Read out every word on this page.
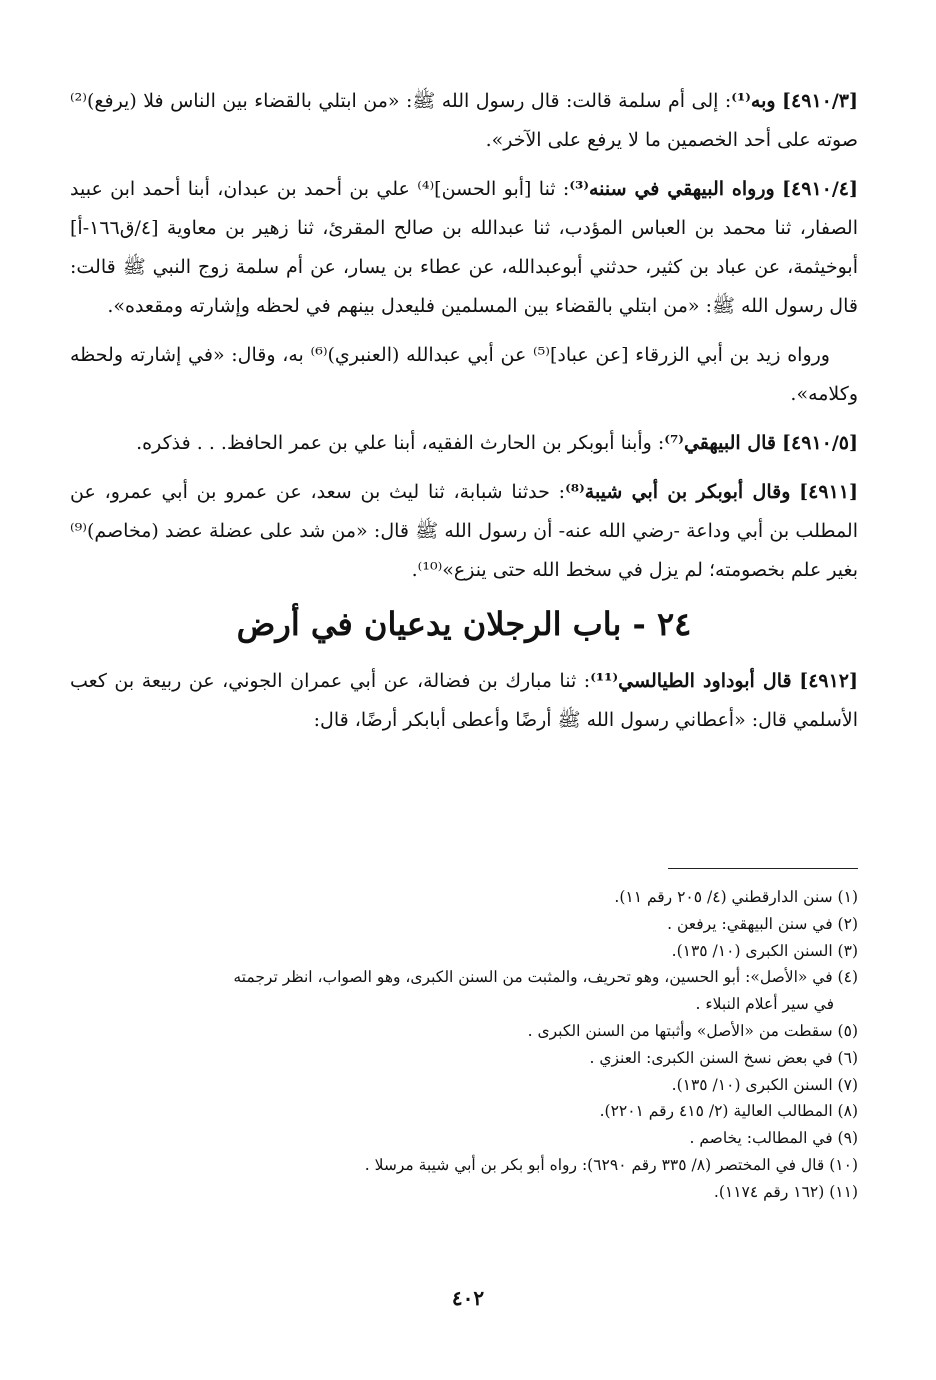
[٤٩١٠/٣] وبه⁽¹⁾: إلى أم سلمة قالت: قال رسول الله ﷺ: «من ابتلي بالقضاء بين الناس فلا (يرفع)⁽²⁾ صوته على أحد الخصمين ما لا يرفع على الآخر».

[٤٩١٠/٤] ورواه البيهقي في سننه⁽³⁾: ثنا [أبو الحسن]⁽⁴⁾ علي بن أحمد بن عبدان، أبنا أحمد ابن عبيد الصفار، ثنا محمد بن العباس المؤدب، ثنا عبدالله بن صالح المقرئ، ثنا زهير بن معاوية [٤/ق١٦٦-أ] أبوخيثمة، عن عباد بن كثير، حدثني أبوعبدالله، عن عطاء بن يسار، عن أم سلمة زوج النبي ﷺ قالت: قال رسول الله ﷺ: «من ابتلي بالقضاء بين المسلمين فليعدل بينهم في لحظه وإشارته ومقعده».

ورواه زيد بن أبي الزرقاء [عن عباد]⁽⁵⁾ عن أبي عبدالله (العنبري)⁽⁶⁾ به، وقال: «في إشارته ولحظه وكلامه».

[٤٩١٠/٥] قال البيهقي⁽⁷⁾: وأبنا أبوبكر بن الحارث الفقيه، أبنا علي بن عمر الحافظ. . . فذكره.

[٤٩١١] وقال أبوبكر بن أبي شيبة⁽⁸⁾: حدثنا شبابة، ثنا ليث بن سعد، عن عمرو بن أبي عمرو، عن المطلب بن أبي وداعة -رضي الله عنه- أن رسول الله ﷺ قال: «من شد على عضلة عضد (مخاصم)⁽⁹⁾ بغير علم بخصومته؛ لم يزل في سخط الله حتى ينزع»⁽¹⁰⁾.

٢٤ - باب الرجلان يدعيان في أرض

[٤٩١٢] قال أبوداود الطيالسي⁽¹¹⁾: ثنا مبارك بن فضالة، عن أبي عمران الجوني، عن ربيعة بن كعب الأسلمي قال: «أعطاني رسول الله ﷺ أرضًا وأعطى أبابكر أرضًا، قال:

(١) سنن الدارقطني (٤/ ٢٠٥ رقم ١١).

(٢) في سنن البيهقي: يرفعن .

(٣) السنن الكبرى (١٠/ ١٣٥).

(٤) في «الأصل»: أبو الحسين، وهو تحريف، والمثبت من السنن الكبرى، وهو الصواب، انظر ترجمته

في سير أعلام النبلاء .

(٥) سقطت من «الأصل» وأثبتها من السنن الكبرى .

(٦) في بعض نسخ السنن الكبرى: العنزي .

(٧) السنن الكبرى (١٠/ ١٣٥).

(٨) المطالب العالية (٢/ ٤١٥ رقم ٢٢٠١).

(٩) في المطالب: يخاصم .

(١٠) قال في المختصر (٨/ ٣٣٥ رقم ٦٢٩٠): رواه أبو بكر بن أبي شيبة مرسلا .

(١١) (١٦٢ رقم ١١٧٤).

٤٠٢
